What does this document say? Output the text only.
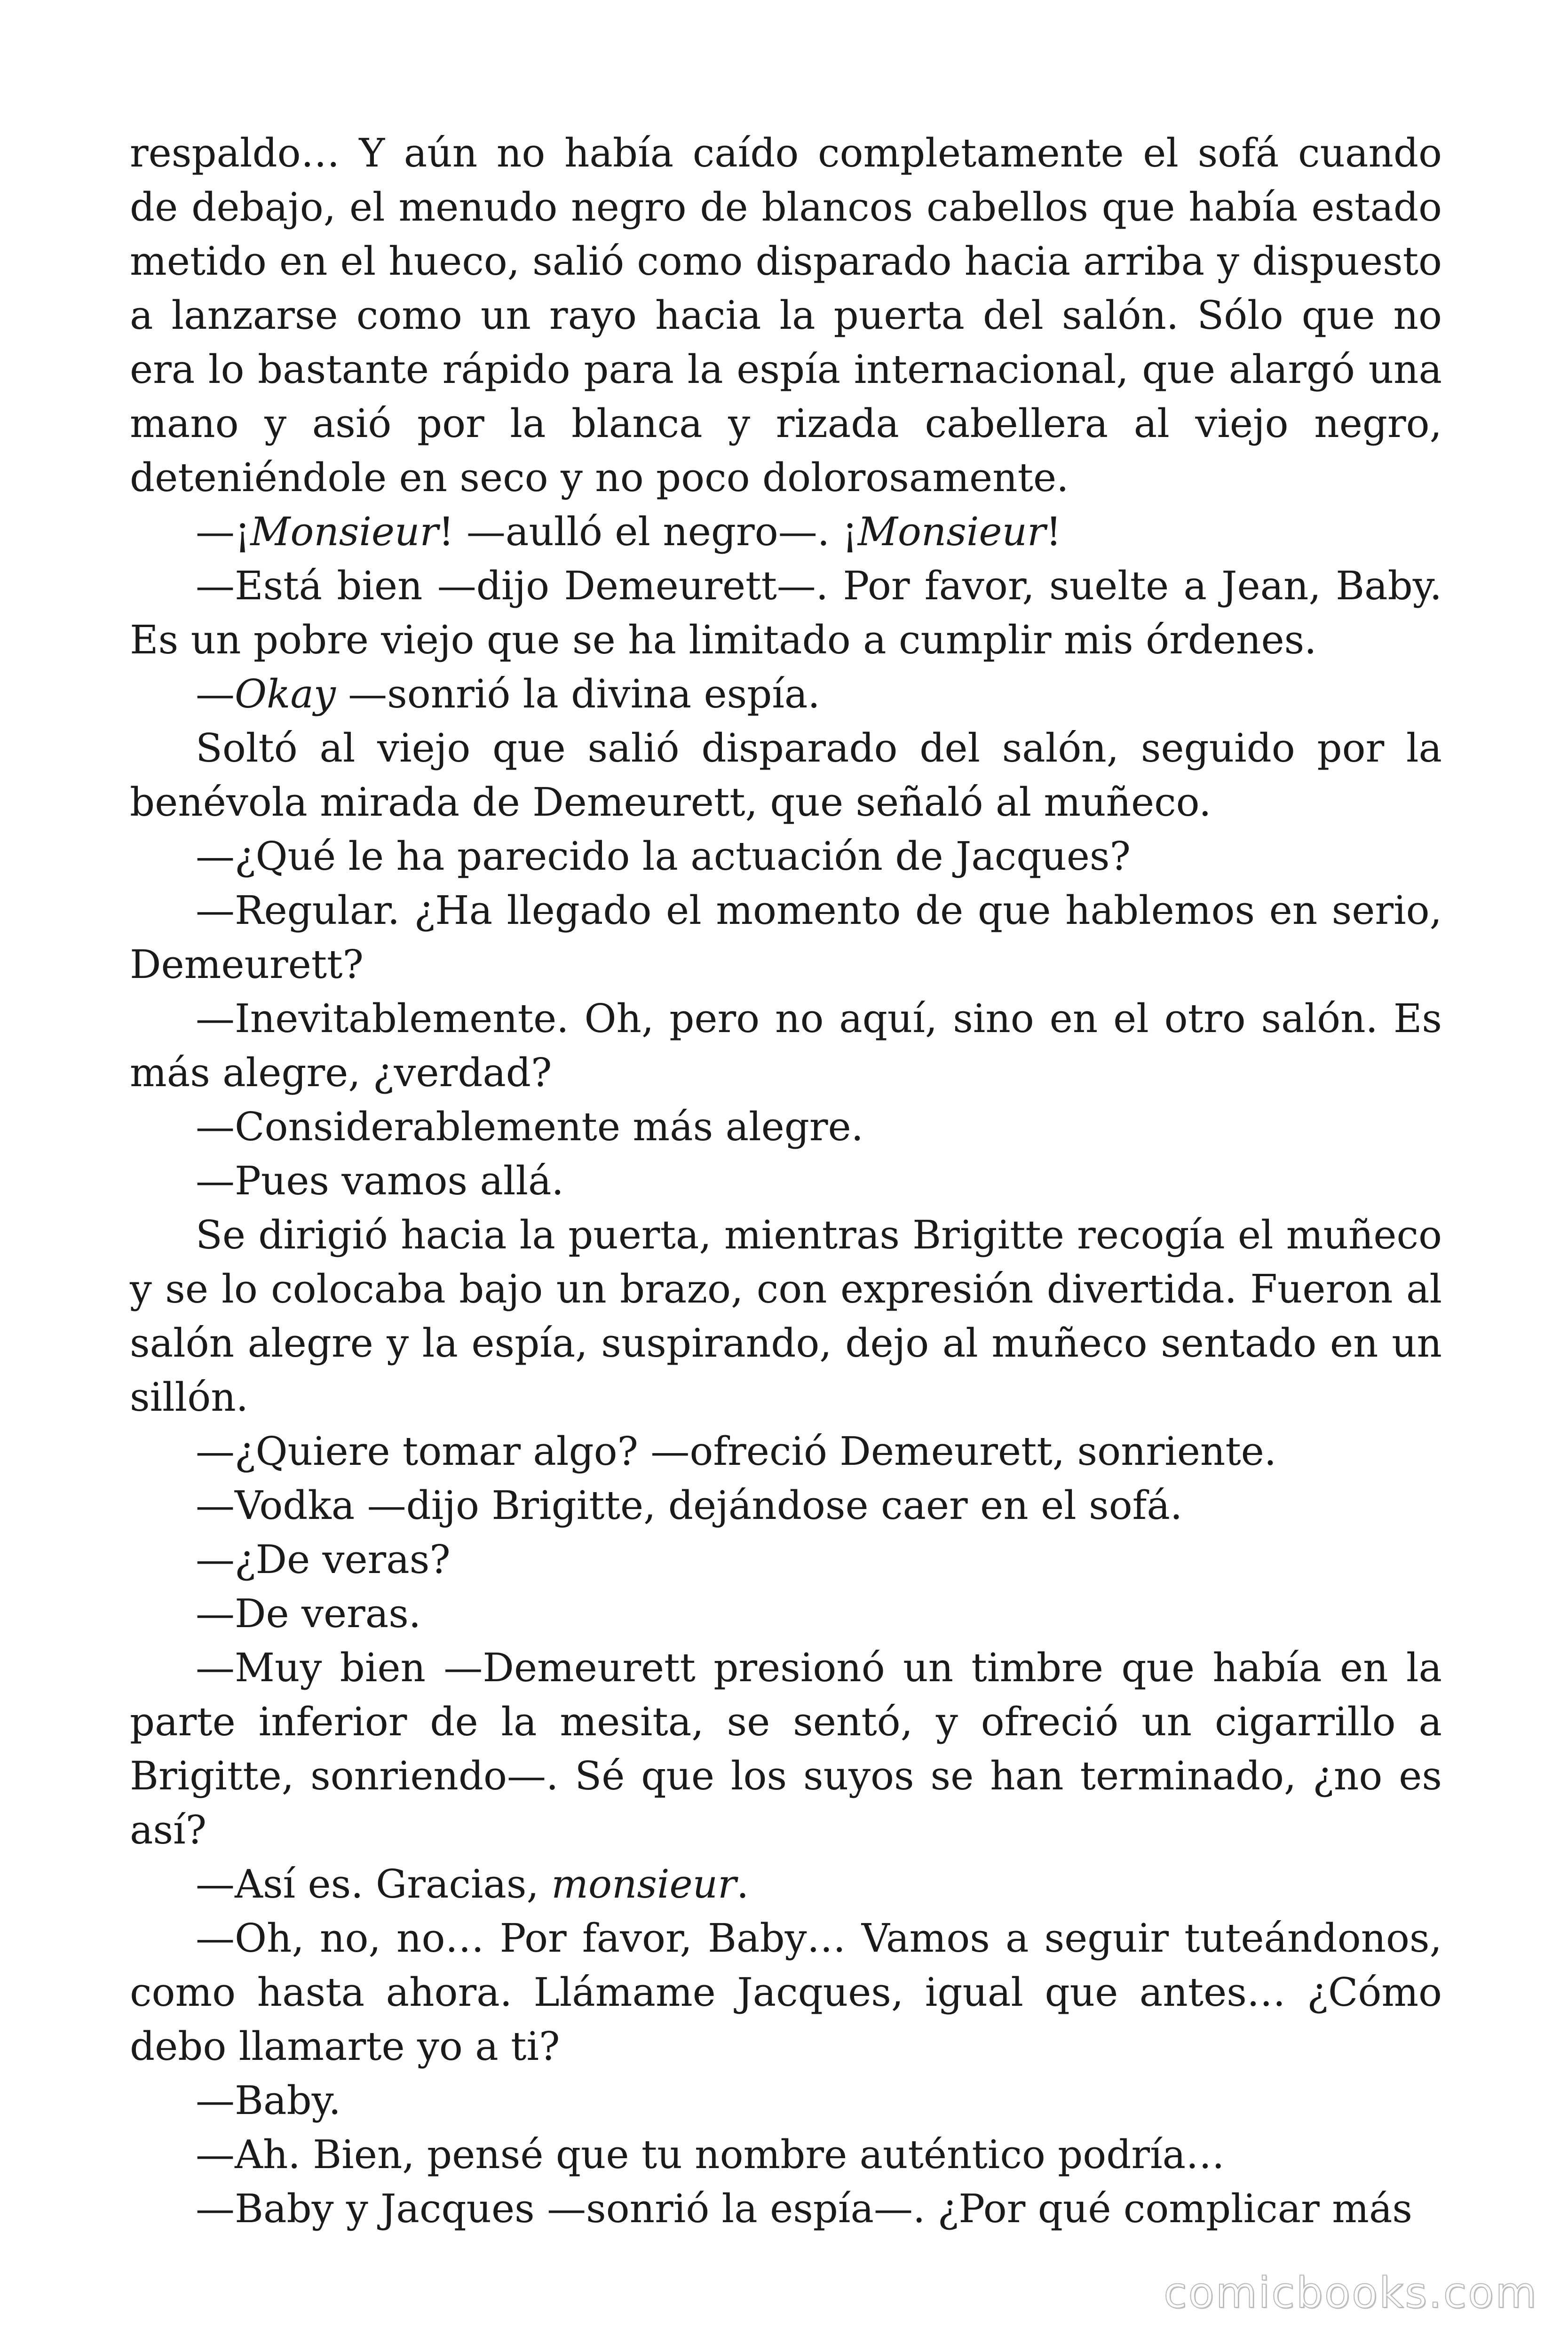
respaldo… Y aún no había caído completamente el sofá cuando de debajo, el menudo negro de blancos cabellos que había estado metido en el hueco, salió como disparado hacia arriba y dispuesto a lanzarse como un rayo hacia la puerta del salón. Sólo que no era lo bastante rápido para la espía internacional, que alargó una mano y asió por la blanca y rizada cabellera al viejo negro, deteniéndole en seco y no poco dolorosamente.

—¡Monsieur! —aulló el negro—. ¡Monsieur!

—Está bien —dijo Demeurett—. Por favor, suelte a Jean, Baby. Es un pobre viejo que se ha limitado a cumplir mis órdenes.

—Okay —sonrió la divina espía.

Soltó al viejo que salió disparado del salón, seguido por la benévola mirada de Demeurett, que señaló al muñeco.

—¿Qué le ha parecido la actuación de Jacques?

—Regular. ¿Ha llegado el momento de que hablemos en serio, Demeurett?

—Inevitablemente. Oh, pero no aquí, sino en el otro salón. Es más alegre, ¿verdad?

—Considerablemente más alegre.

—Pues vamos allá.

Se dirigió hacia la puerta, mientras Brigitte recogía el muñeco y se lo colocaba bajo un brazo, con expresión divertida. Fueron al salón alegre y la espía, suspirando, dejo al muñeco sentado en un sillón.

—¿Quiere tomar algo? —ofreció Demeurett, sonriente.

—Vodka —dijo Brigitte, dejándose caer en el sofá.

—¿De veras?

—De veras.

—Muy bien —Demeurett presionó un timbre que había en la parte inferior de la mesita, se sentó, y ofreció un cigarrillo a Brigitte, sonriendo—. Sé que los suyos se han terminado, ¿no es así?

—Así es. Gracias, monsieur.

—Oh, no, no… Por favor, Baby… Vamos a seguir tuteándonos, como hasta ahora. Llámame Jacques, igual que antes… ¿Cómo debo llamarte yo a ti?

—Baby.

—Ah. Bien, pensé que tu nombre auténtico podría…

—Baby y Jacques —sonrió la espía—. ¿Por qué complicar más

comicbooks.com
